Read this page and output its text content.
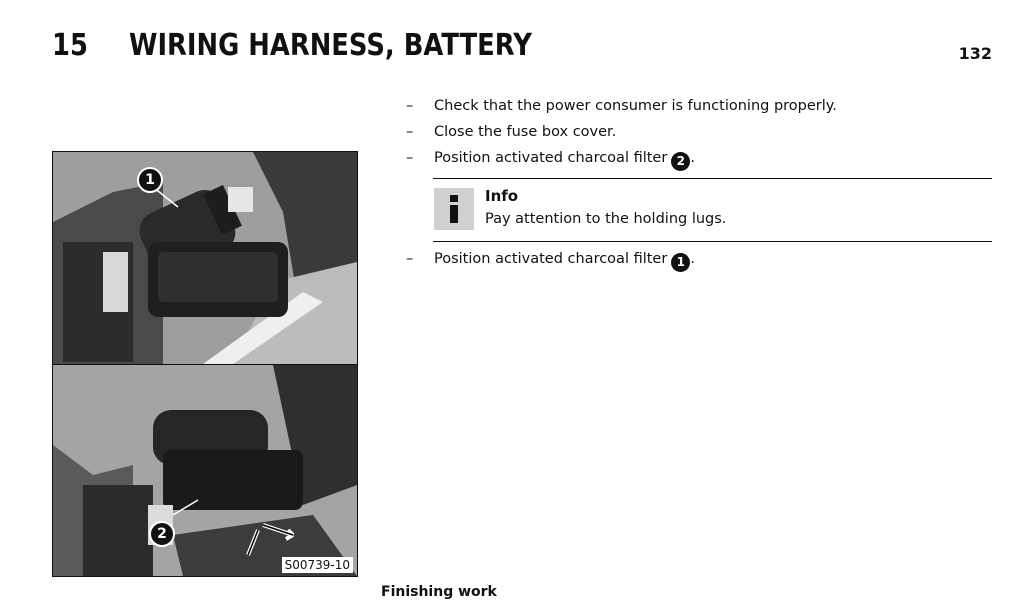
15 WIRING HARNESS, BATTERY	132
1
2
S00739-10
– Check that the power consumer is functioning properly.
– Close the fuse box cover.
– Position activated charcoal filter 2 .
– Position activated charcoal filter 1 .
Info
Pay attention to the holding lugs.
Finishing work
